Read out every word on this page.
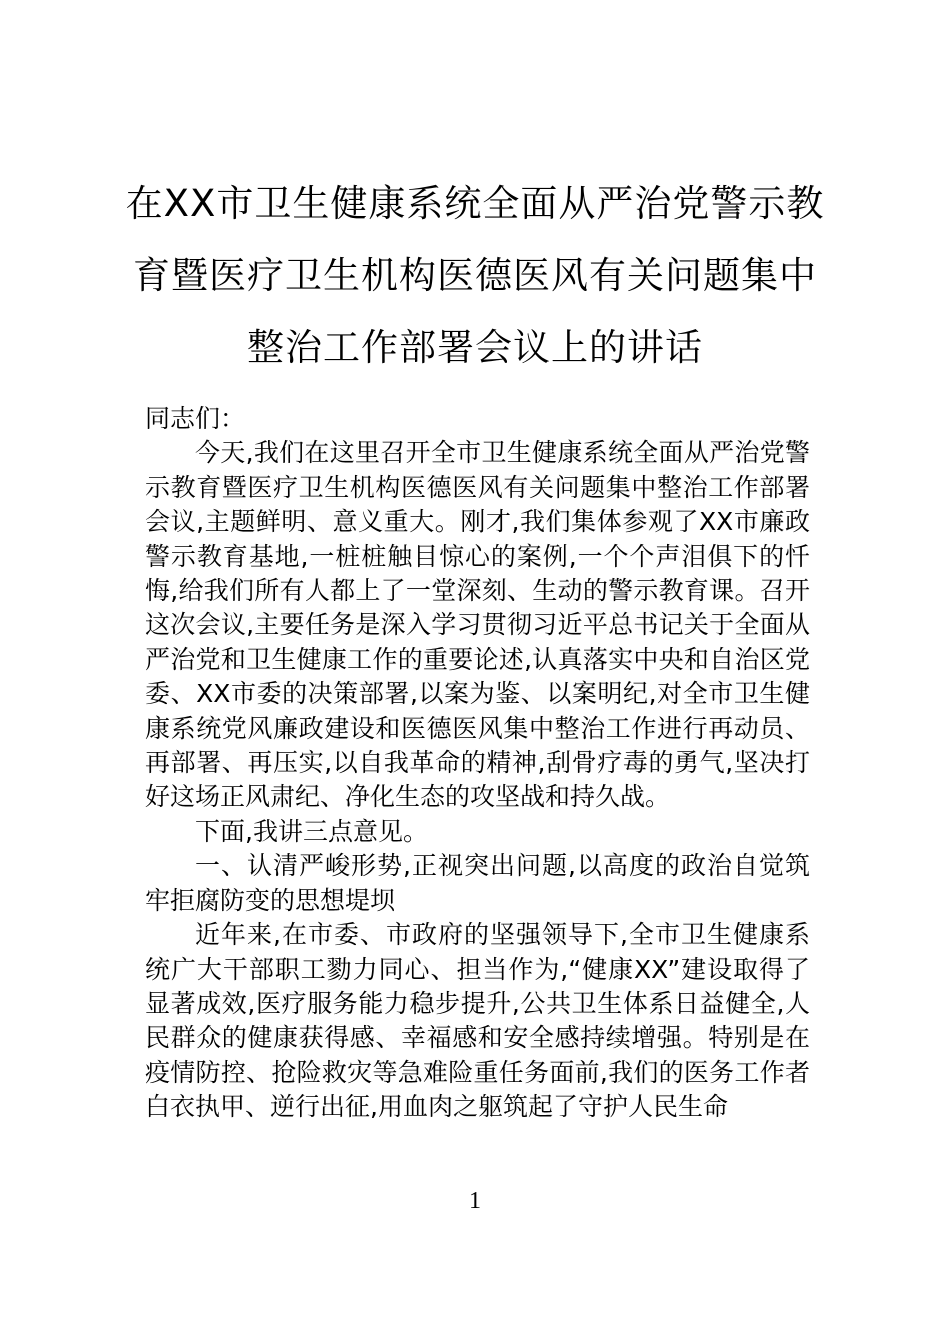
在XX市卫生健康系统全面从严治党警示教
育暨医疗卫生机构医德医风有关问题集中
整治工作部署会议上的讲话

同志们：

今天,我们在这里召开全市卫生健康系统全面从严治党警示教育暨医疗卫生机构医德医风有关问题集中整治工作部署会议,主题鲜明、意义重大。刚才,我们集体参观了XX市廉政警示教育基地,一桩桩触目惊心的案例,一个个声泪俱下的忏悔,给我们所有人都上了一堂深刻、生动的警示教育课。召开这次会议,主要任务是深入学习贯彻习近平总书记关于全面从严治党和卫生健康工作的重要论述,认真落实中央和自治区党委、XX市委的决策部署,以案为鉴、以案明纪,对全市卫生健康系统党风廉政建设和医德医风集中整治工作进行再动员、再部署、再压实,以自我革命的精神,刮骨疗毒的勇气,坚决打好这场正风肃纪、净化生态的攻坚战和持久战。

下面,我讲三点意见。

一、认清严峻形势,正视突出问题,以高度的政治自觉筑牢拒腐防变的思想堤坝

近年来,在市委、市政府的坚强领导下,全市卫生健康系统广大干部职工勠力同心、担当作为,“健康XX”建设取得了显著成效,医疗服务能力稳步提升,公共卫生体系日益健全,人民群众的健康获得感、幸福感和安全感持续增强。特别是在疫情防控、抢险救灾等急难险重任务面前,我们的医务工作者白衣执甲、逆行出征,用血肉之躯筑起了守护人民生命

1
